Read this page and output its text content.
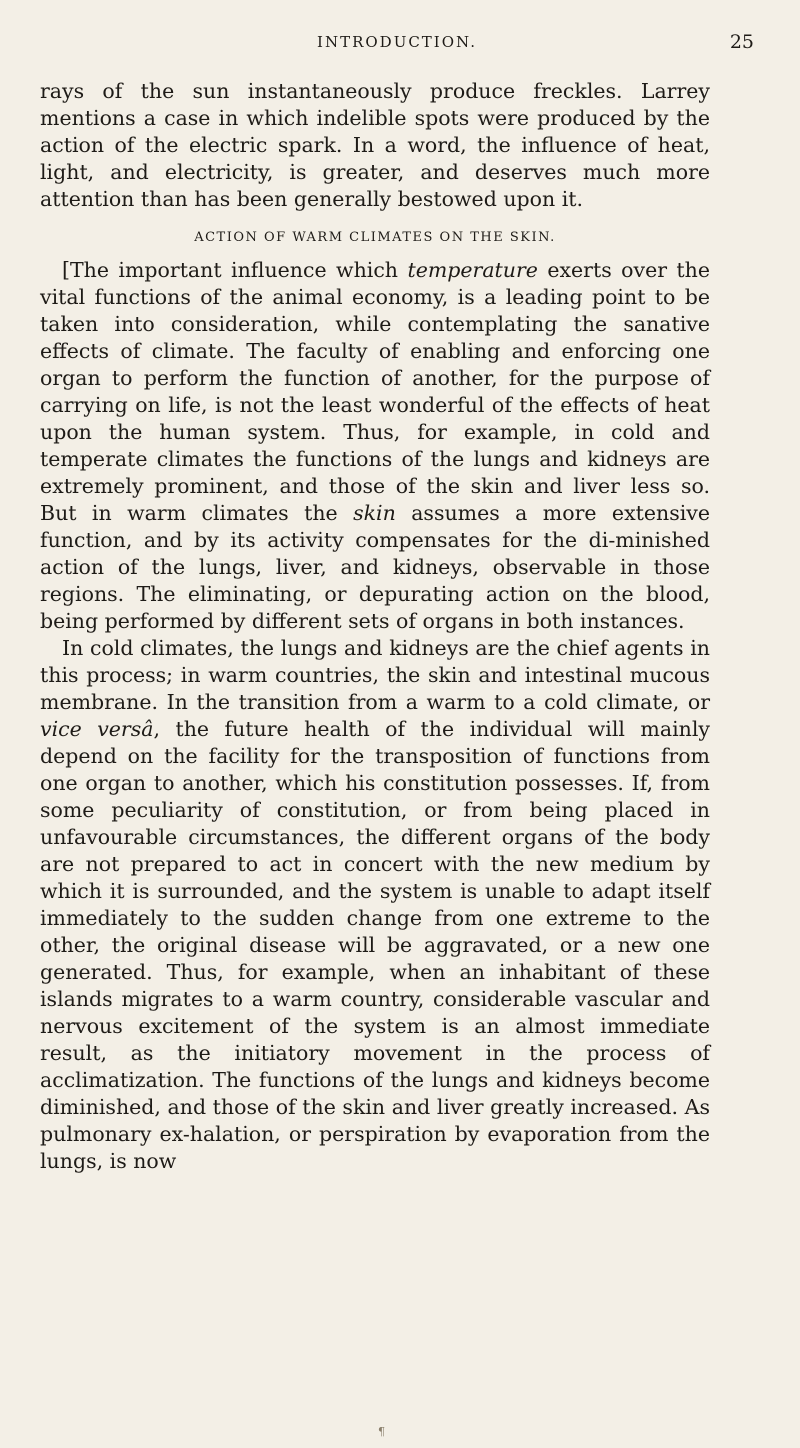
INTRODUCTION.	25

rays of the sun instantaneously produce freckles. Larrey mentions a case in which indelible spots were produced by the action of the electric spark. In a word, the influence of heat, light, and electricity, is greater, and deserves much more attention than has been generally bestowed upon it.

ACTION OF WARM CLIMATES ON THE SKIN.

[The important influence which temperature exerts over the vital functions of the animal economy, is a leading point to be taken into consideration, while contemplating the sanative effects of climate. The faculty of enabling and enforcing one organ to perform the function of another, for the purpose of carrying on life, is not the least wonderful of the effects of heat upon the human system. Thus, for example, in cold and temperate climates the functions of the lungs and kidneys are extremely prominent, and those of the skin and liver less so. But in warm climates the skin assumes a more extensive function, and by its activity compensates for the di-minished action of the lungs, liver, and kidneys, observable in those regions. The eliminating, or depurating action on the blood, being performed by different sets of organs in both instances.

In cold climates, the lungs and kidneys are the chief agents in this process; in warm countries, the skin and intestinal mucous membrane. In the transition from a warm to a cold climate, or vice versâ, the future health of the individual will mainly depend on the facility for the transposition of functions from one organ to another, which his constitution possesses. If, from some peculiarity of constitution, or from being placed in unfavourable circumstances, the different organs of the body are not prepared to act in concert with the new medium by which it is surrounded, and the system is unable to adapt itself immediately to the sudden change from one extreme to the other, the original disease will be aggravated, or a new one generated. Thus, for example, when an inhabitant of these islands migrates to a warm country, considerable vascular and nervous excitement of the system is an almost immediate result, as the initiatory movement in the process of acclimatization. The functions of the lungs and kidneys become diminished, and those of the skin and liver greatly increased. As pulmonary ex-halation, or perspiration by evaporation from the lungs, is now

¶
